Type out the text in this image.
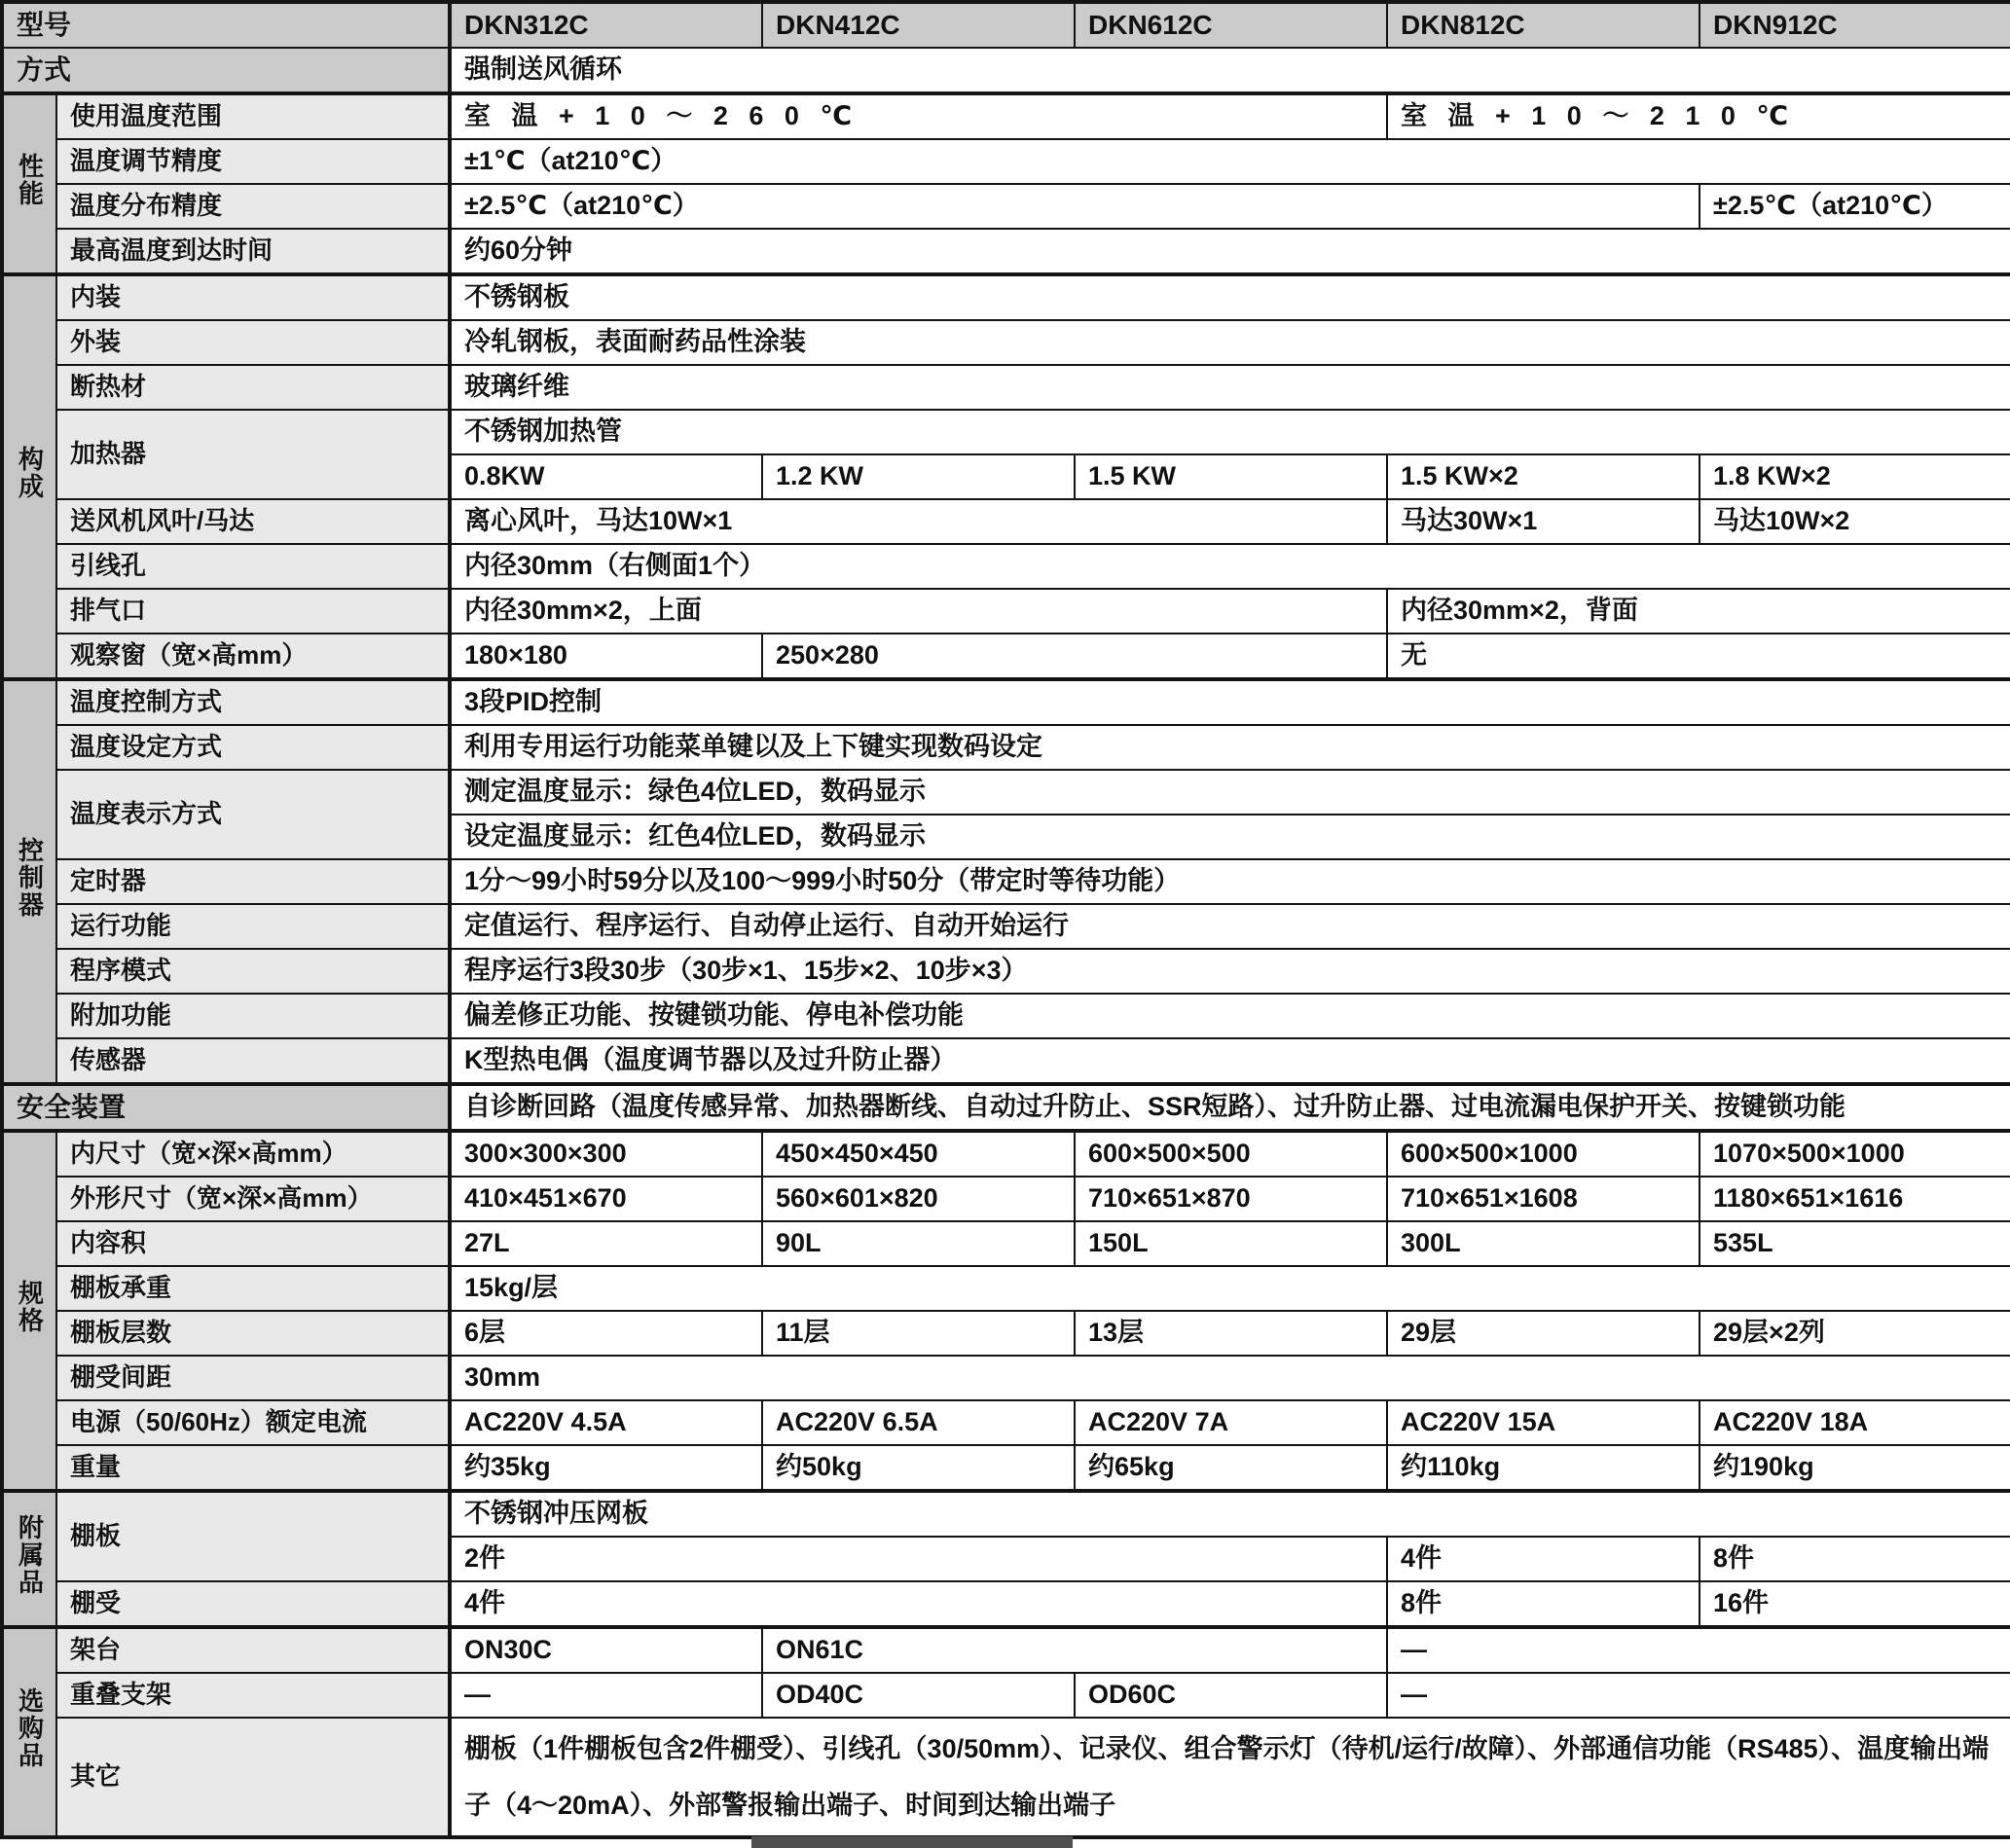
型号		DKN312C	DKN412C	DKN612C	DKN812C	DKN912C
方式		强制送风循环				
性能	使用温度范围	室 温 + 1 0 ～ 2 6 0 ℃			室 温 + 1 0 ～ 2 1 0 ℃	
	温度调节精度	±1℃（at210℃）				
	温度分布精度	±2.5℃（at210℃）				±2.5℃（at210℃）
	最高温度到达时间	约60分钟				
构成	内装	不锈钢板				
	外装	冷轧钢板，表面耐药品性涂装				
	断热材	玻璃纤维				
	加热器	不锈钢加热管				
		0.8KW	1.2 KW	1.5 KW	1.5 KW×2	1.8 KW×2
	送风机风叶/马达	离心风叶，马达10W×1			马达30W×1	马达10W×2
	引线孔	内径30mm（右侧面1个）				
	排气口	内径30mm×2，上面			内径30mm×2，背面	
	观察窗（宽×高mm）	180×180	250×280		无	
控制器	温度控制方式	3段PID控制				
	温度设定方式	利用专用运行功能菜单键以及上下键实现数码设定				
	温度表示方式	测定温度显示：绿色4位LED，数码显示				
		设定温度显示：红色4位LED，数码显示				
	定时器	1分～99小时59分以及100～999小时50分（带定时等待功能）				
	运行功能	定值运行、程序运行、自动停止运行、自动开始运行				
	程序模式	程序运行3段30步（30步×1、15步×2、10步×3）				
	附加功能	偏差修正功能、按键锁功能、停电补偿功能				
	传感器	K型热电偶（温度调节器以及过升防止器）				
安全装置		自诊断回路（温度传感异常、加热器断线、自动过升防止、SSR短路）、过升防止器、过电流漏电保护开关、按键锁功能				
规格	内尺寸（宽×深×高mm）	300×300×300	450×450×450	600×500×500	600×500×1000	1070×500×1000
	外形尺寸（宽×深×高mm）	410×451×670	560×601×820	710×651×870	710×651×1608	1180×651×1616
	内容积	27L	90L	150L	300L	535L
	棚板承重	15kg/层				
	棚板层数	6层	11层	13层	29层	29层×2列
	棚受间距	30mm				
	电源（50/60Hz）额定电流	AC220V 4.5A	AC220V 6.5A	AC220V 7A	AC220V 15A	AC220V 18A
	重量	约35kg	约50kg	约65kg	约110kg	约190kg
附属品	棚板	不锈钢冲压网板				
		2件			4件	8件
	棚受	4件			8件	16件
选购品	架台	ON30C	ON61C		—	
	重叠支架	—	OD40C	OD60C	—	
	其它	棚板（1件棚板包含2件棚受）、引线孔（30/50mm）、记录仪、组合警示灯（待机/运行/故障）、外部通信功能（RS485）、温度输出端子（4～20mA）、外部警报输出端子、时间到达输出端子				
